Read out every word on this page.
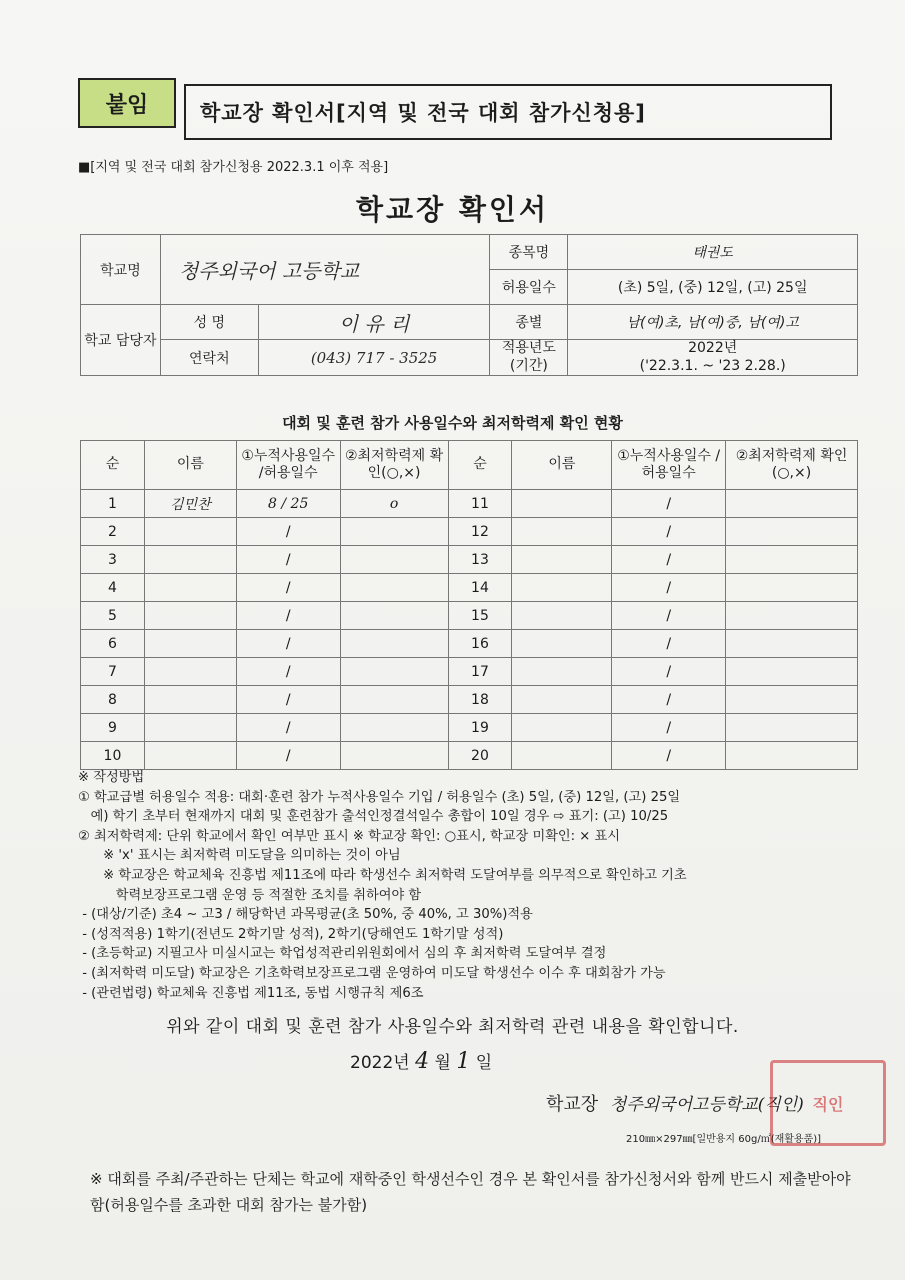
붙임	학교장 확인서[지역 및 전국 대회 참가신청용]
■[지역 및 전국 대회 참가신청용 2022.3.1 이후 적용]
학교장 확인서
학교명	청주외국어 고등학교		종목명	태권도
			허용일수	(초) 5일, (중) 12일, (고) 25일
학교 담당자	성 명	이 유 리	종별	남(여)초, 남(여)중, 남(여)고
	연락처	(043) 717 - 3525	적용년도 (기간)	2022년
('22.3.1. ~ '23 2.28.)
대회 및 훈련 참가 사용일수와 최저학력제 확인 현황
순	이름	①누적사용일수 /허용일수	②최저학력제 확인(○,×)	순	이름	①누적사용일수 /허용일수	②최저학력제 확인(○,×)
1	김민찬	8 / 25	o	11		/	
2		/		12		/	
3		/		13		/	
4		/		14		/	
5		/		15		/	
6		/		16		/	
7		/		17		/	
8		/		18		/	
9		/		19		/	
10		/		20		/	
※ 작성방법
① 학교급별 허용일수 적용: 대회·훈련 참가 누적사용일수 기입 / 허용일수 (초) 5일, (중) 12일, (고) 25일
예) 학기 초부터 현재까지 대회 및 훈련참가 출석인정결석일수 총합이 10일 경우 ⇨ 표기: (고) 10/25
② 최저학력제: 단위 학교에서 확인 여부만 표시 ※ 학교장 확인: ○표시, 학교장 미확인: × 표시
※ 'x' 표시는 최저학력 미도달을 의미하는 것이 아님
※ 학교장은 학교체육 진흥법 제11조에 따라 학생선수 최저학력 도달여부를 의무적으로 확인하고 기초
학력보장프로그램 운영 등 적절한 조치를 취하여야 함
- (대상/기준) 초4 ~ 고3 / 해당학년 과목평균(초 50%, 중 40%, 고 30%)적용
- (성적적용) 1학기(전년도 2학기말 성적), 2학기(당해연도 1학기말 성적)
- (초등학교) 지필고사 미실시교는 학업성적관리위원회에서 심의 후 최저학력 도달여부 결정
- (최저학력 미도달) 학교장은 기초학력보장프로그램 운영하여 미도달 학생선수 이수 후 대회참가 가능
- (관련법령) 학교체육 진흥법 제11조, 동법 시행규칙 제6조
위와 같이 대회 및 훈련 참가 사용일수와 최저학력 관련 내용을 확인합니다.
2022년 4 월 1 일
학교장 청주외국어고등학교(직인) 직인
210㎜×297㎜[일반용지 60g/㎡(재활용품)]
※ 대회를 주최/주관하는 단체는 학교에 재학중인 학생선수인 경우 본 확인서를 참가신청서와 함께 반드시 제출받아야 함(허용일수를 초과한 대회 참가는 불가함)
